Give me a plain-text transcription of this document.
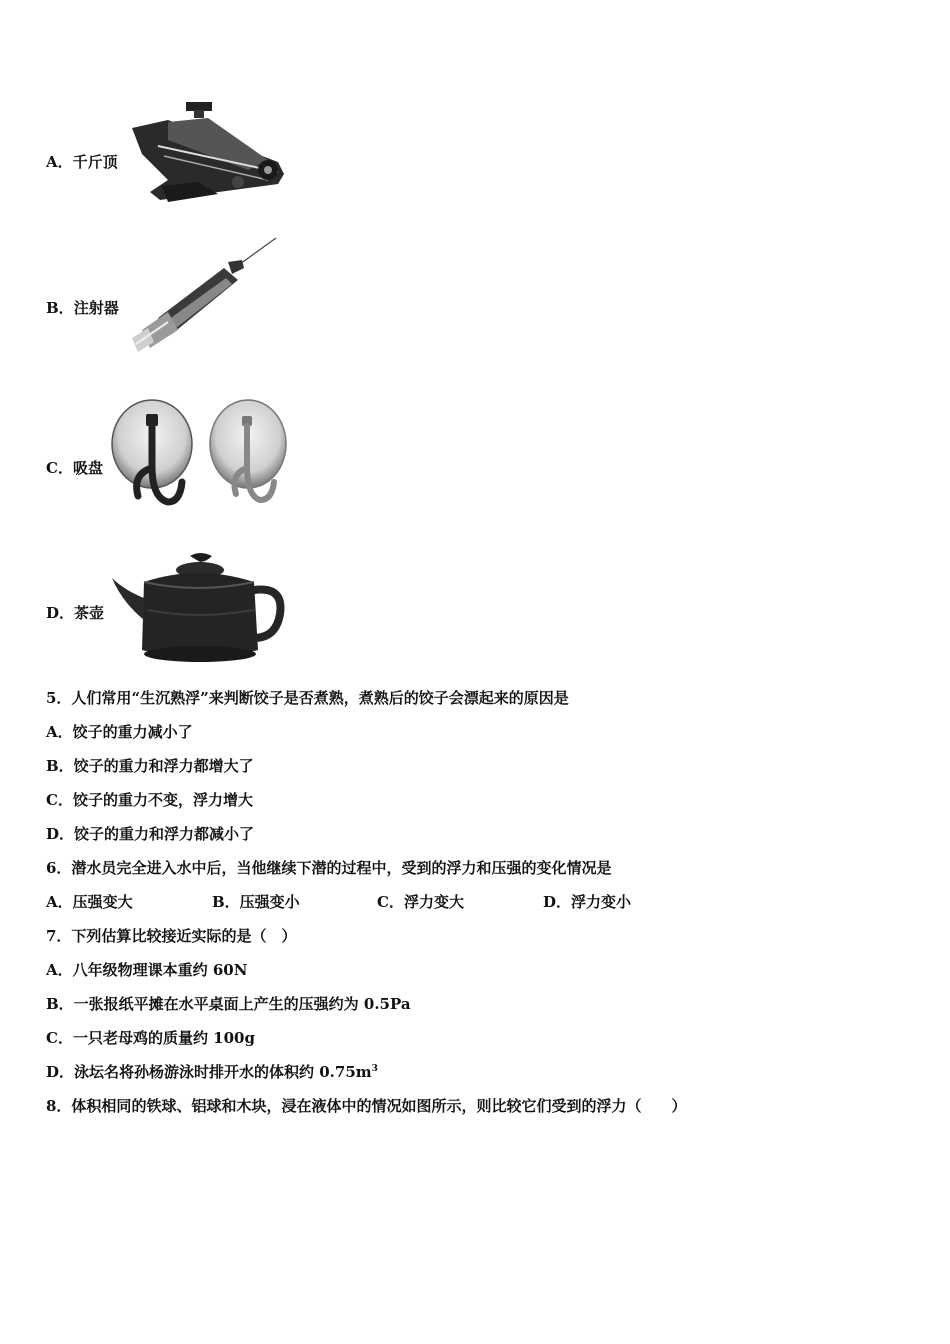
A．千斤顶
B．注射器
C．吸盘
D．茶壶
5．人们常用“生沉熟浮”来判断饺子是否煮熟，煮熟后的饺子会漂起来的原因是
A．饺子的重力减小了
B．饺子的重力和浮力都增大了
C．饺子的重力不变，浮力增大
D．饺子的重力和浮力都减小了
6．潜水员完全进入水中后，当他继续下潜的过程中，受到的浮力和压强的变化情况是
A．压强变大	B．压强变小	C．浮力变大	D．浮力变小
7．下列估算比较接近实际的是（　）
A．八年级物理课本重约 60N
B．一张报纸平摊在水平桌面上产生的压强约为 0.5Pa
C．一只老母鸡的质量约 100g
D．泳坛名将孙杨游泳时排开水的体积约 $0.75m^3$
8．体积相同的铁球、铝球和木块，浸在液体中的情况如图所示，则比较它们受到的浮力（　　）
